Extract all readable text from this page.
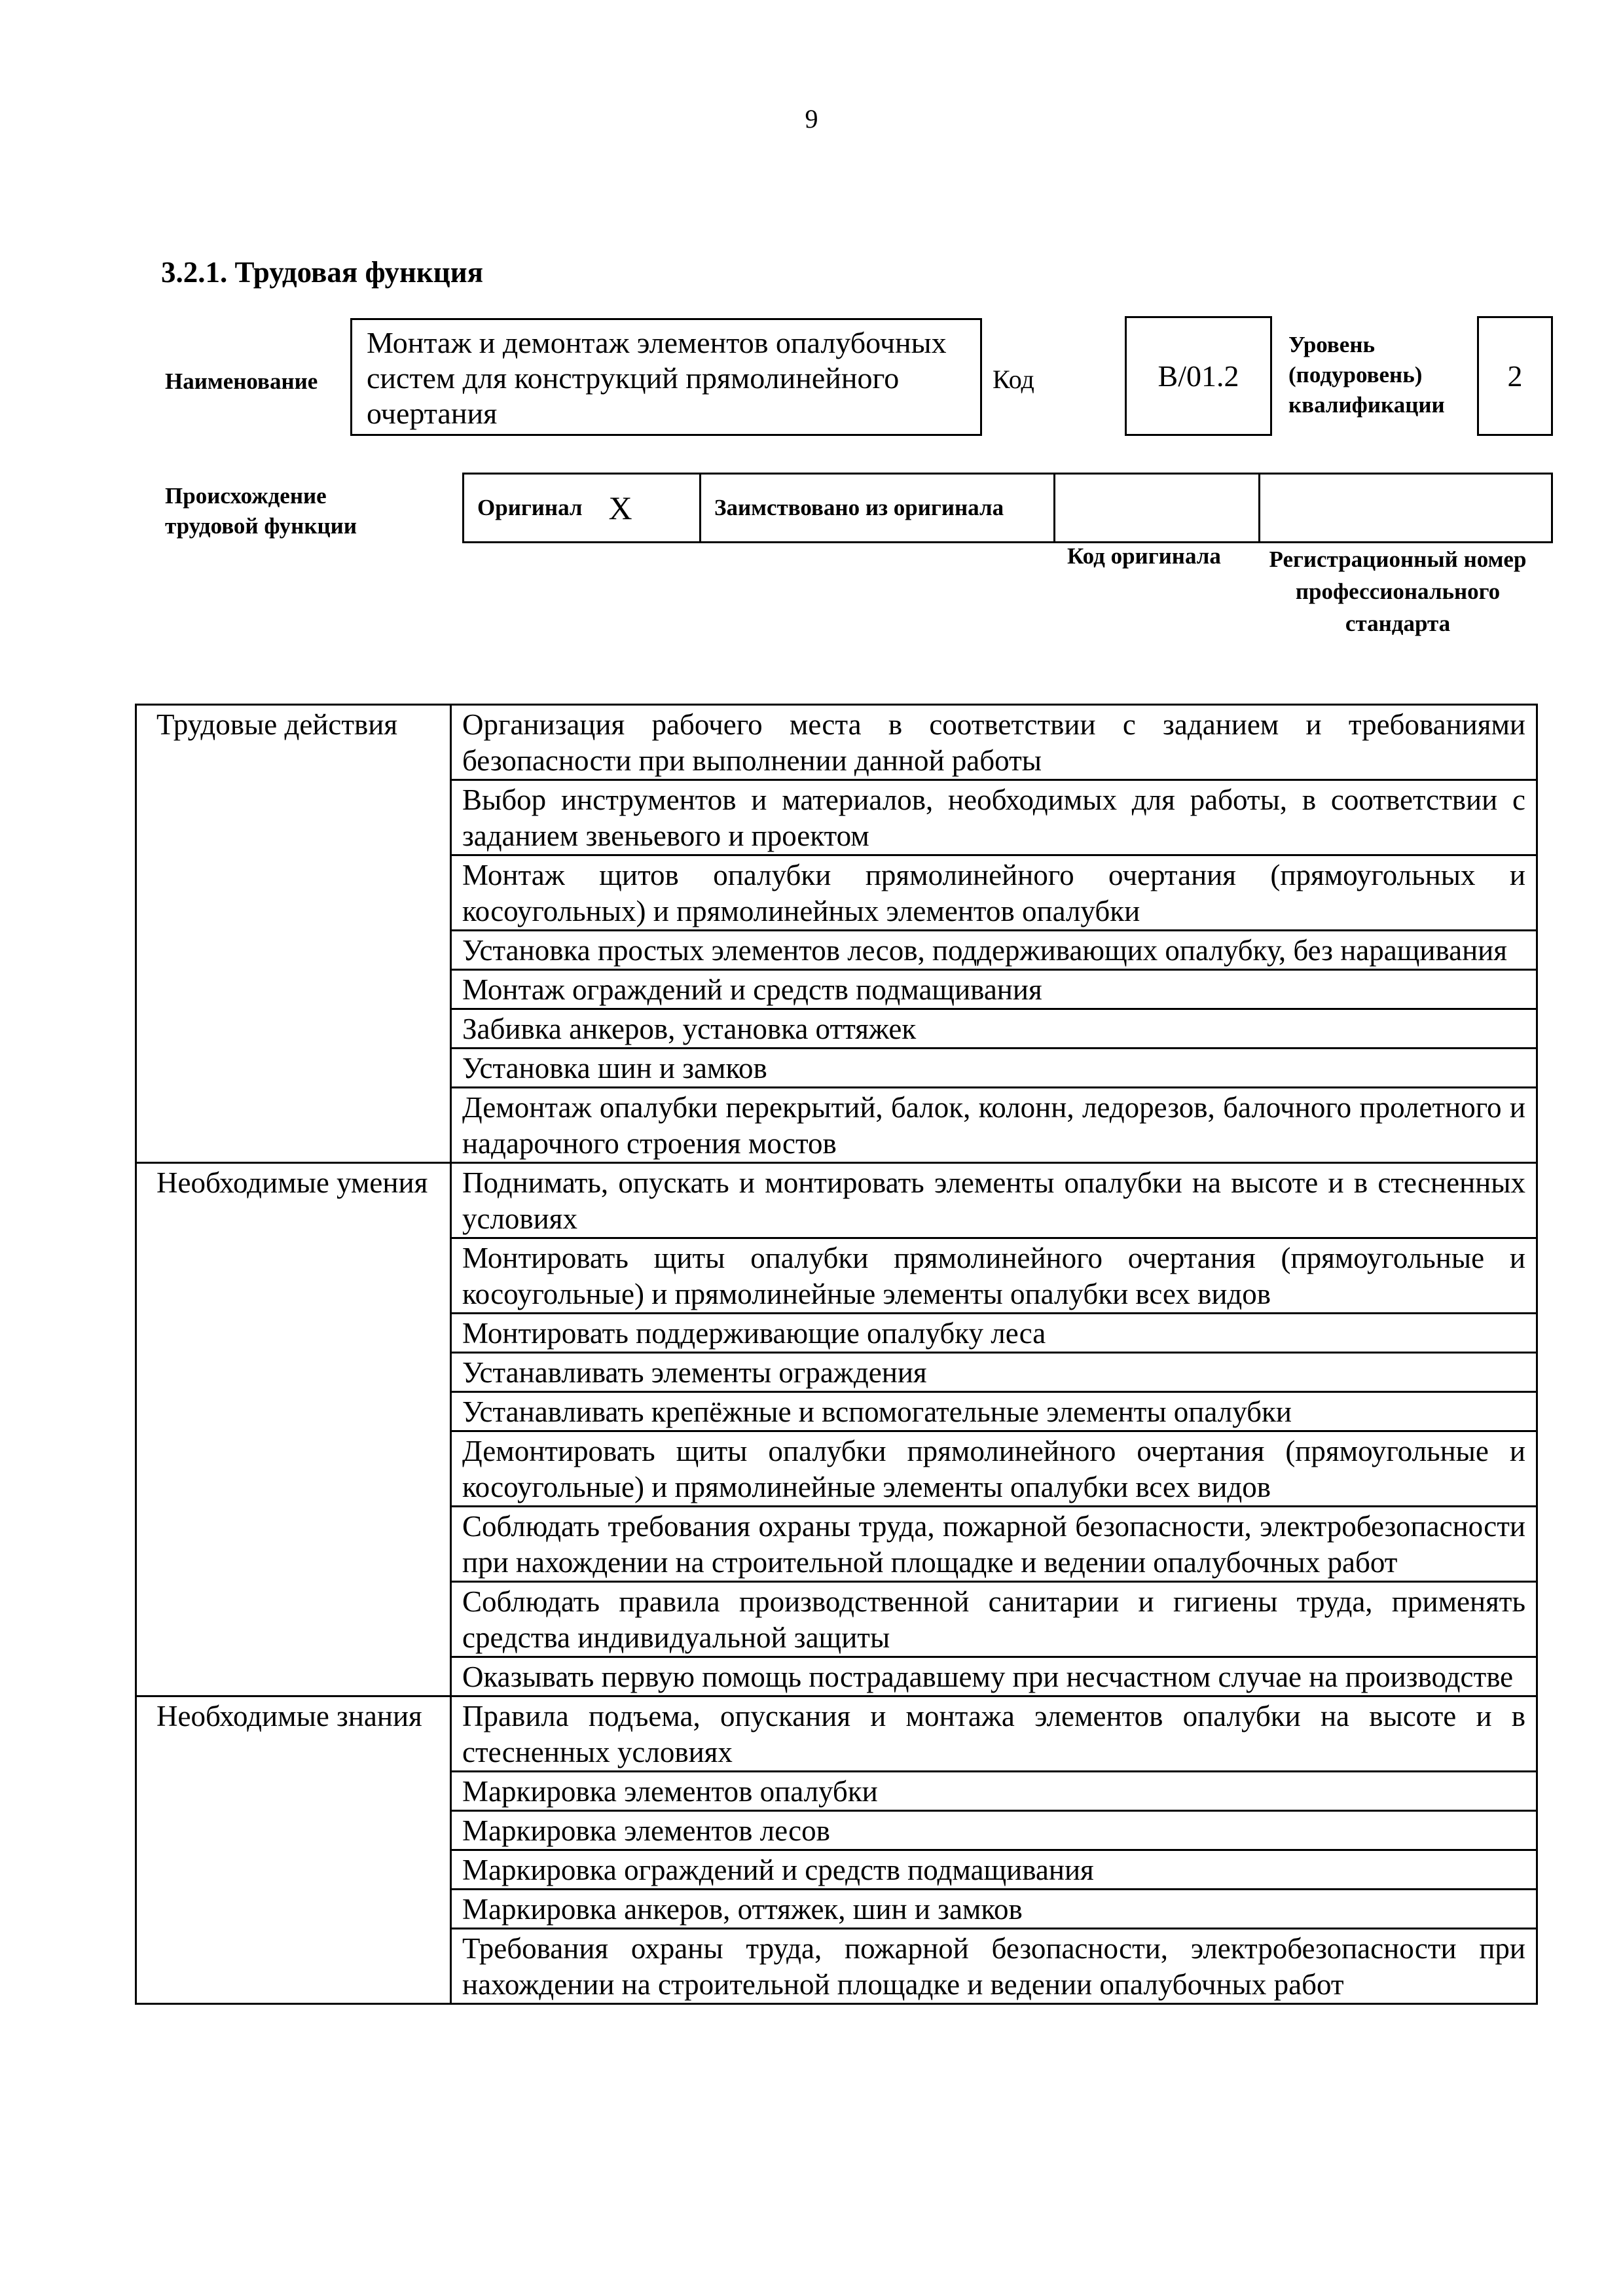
9
3.2.1. Трудовая функция
Наименование
Монтаж и демонтаж элементов опалубочных систем для конструкций прямолинейного очертания
Код	B/01.2
Уровень (подуровень) квалификации
2
Происхождение трудовой функции
Оригинал X	Заимствовано из оригинала
Код оригинала Регистрационный номер профессионального стандарта
Трудовые действия	Организация рабочего места в соответствии с заданием и требованиями безопасности при выполнении данной работы
	Выбор инструментов и материалов, необходимых для работы, в соответствии с заданием звеньевого и проектом
	Монтаж щитов опалубки прямолинейного очертания (прямоугольных и косоугольных) и прямолинейных элементов опалубки
	Установка простых элементов лесов, поддерживающих опалубку, без наращивания
	Монтаж ограждений и средств подмащивания
	Забивка анкеров, установка оттяжек
	Установка шин и замков
	Демонтаж опалубки перекрытий, балок, колонн, ледорезов, балочного пролетного и надарочного строения мостов
Необходимые умения	Поднимать, опускать и монтировать элементы опалубки на высоте и в стесненных условиях
	Монтировать щиты опалубки прямолинейного очертания (прямоугольные и косоугольные) и прямолинейные элементы опалубки всех видов
	Монтировать поддерживающие опалубку леса
	Устанавливать элементы ограждения
	Устанавливать крепёжные и вспомогательные элементы опалубки
	Демонтировать щиты опалубки прямолинейного очертания (прямоугольные и косоугольные) и прямолинейные элементы опалубки всех видов
	Соблюдать требования охраны труда, пожарной безопасности, электробезопасности при нахождении на строительной площадке и ведении опалубочных работ
	Соблюдать правила производственной санитарии и гигиены труда, применять средства индивидуальной защиты
	Оказывать первую помощь пострадавшему при несчастном случае на производстве
Необходимые знания	Правила подъема, опускания и монтажа элементов опалубки на высоте и в стесненных условиях
	Маркировка элементов опалубки
	Маркировка элементов лесов
	Маркировка ограждений и средств подмащивания
	Маркировка анкеров, оттяжек, шин и замков
	Требования охраны труда, пожарной безопасности, электробезопасности при нахождении на строительной площадке и ведении опалубочных работ
